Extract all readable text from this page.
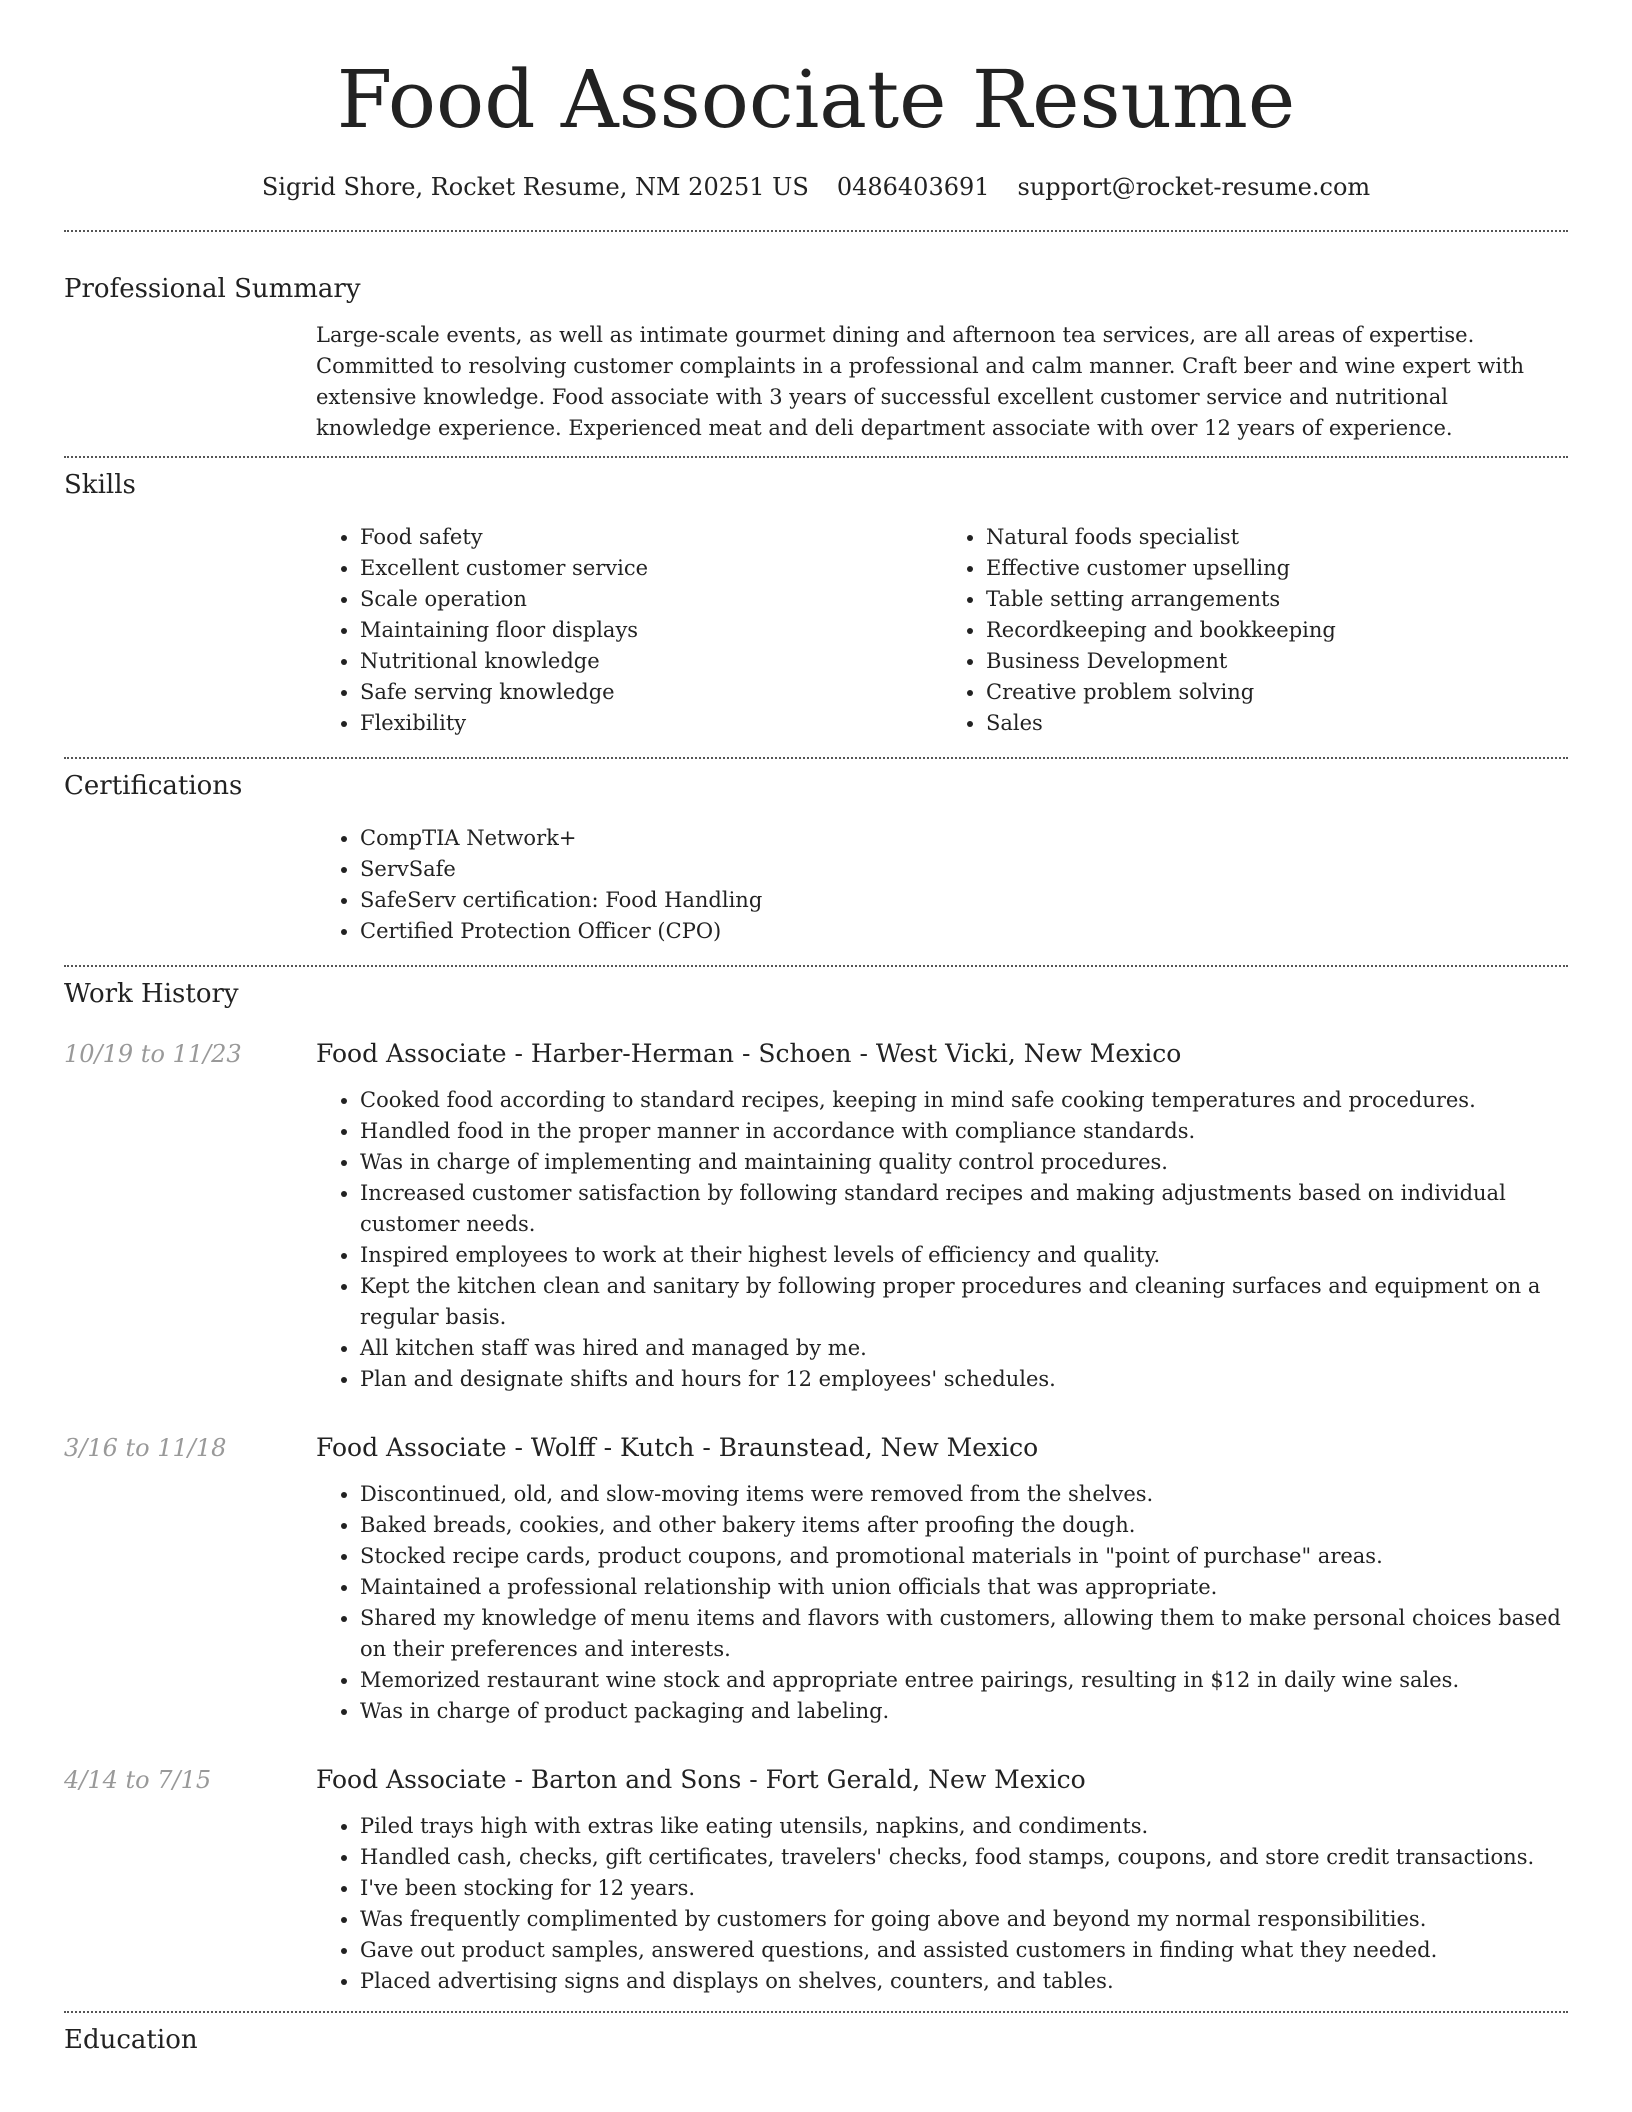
Food Associate Resume
Sigrid Shore, Rocket Resume, NM 20251 US 0486403691 support@rocket-resume.com
Professional Summary

Large-scale events, as well as intimate gourmet dining and afternoon tea services, are all areas of expertise. Committed to resolving customer complaints in a professional and calm manner. Craft beer and wine expert with extensive knowledge. Food associate with 3 years of successful excellent customer service and nutritional knowledge experience. Experienced meat and deli department associate with over 12 years of experience.

Skills
• Food safety
• Excellent customer service
• Scale operation
• Maintaining floor displays
• Nutritional knowledge
• Safe serving knowledge
• Flexibility
• Natural foods specialist
• Effective customer upselling
• Table setting arrangements
• Recordkeeping and bookkeeping
• Business Development
• Creative problem solving
• Sales
Certifications
• CompTIA Network+
• ServSafe
• SafeServ certification: Food Handling
• Certified Protection Officer (CPO)
Work History
10/19 to 11/23	Food Associate - Harber-Herman - Schoen - West Vicki, New Mexico
• Cooked food according to standard recipes, keeping in mind safe cooking temperatures and procedures.
• Handled food in the proper manner in accordance with compliance standards.
• Was in charge of implementing and maintaining quality control procedures.
• Increased customer satisfaction by following standard recipes and making adjustments based on individual customer needs.
• Inspired employees to work at their highest levels of efficiency and quality.
• Kept the kitchen clean and sanitary by following proper procedures and cleaning surfaces and equipment on a regular basis.
• All kitchen staff was hired and managed by me.
• Plan and designate shifts and hours for 12 employees' schedules.
3/16 to 11/18	Food Associate - Wolff - Kutch - Braunstead, New Mexico
• Discontinued, old, and slow-moving items were removed from the shelves.
• Baked breads, cookies, and other bakery items after proofing the dough.
• Stocked recipe cards, product coupons, and promotional materials in "point of purchase" areas.
• Maintained a professional relationship with union officials that was appropriate.
• Shared my knowledge of menu items and flavors with customers, allowing them to make personal choices based on their preferences and interests.
• Memorized restaurant wine stock and appropriate entree pairings, resulting in $12 in daily wine sales.
• Was in charge of product packaging and labeling.
4/14 to 7/15	Food Associate - Barton and Sons - Fort Gerald, New Mexico
• Piled trays high with extras like eating utensils, napkins, and condiments.
• Handled cash, checks, gift certificates, travelers' checks, food stamps, coupons, and store credit transactions.
• I've been stocking for 12 years.
• Was frequently complimented by customers for going above and beyond my normal responsibilities.
• Gave out product samples, answered questions, and assisted customers in finding what they needed.
• Placed advertising signs and displays on shelves, counters, and tables.
Education
